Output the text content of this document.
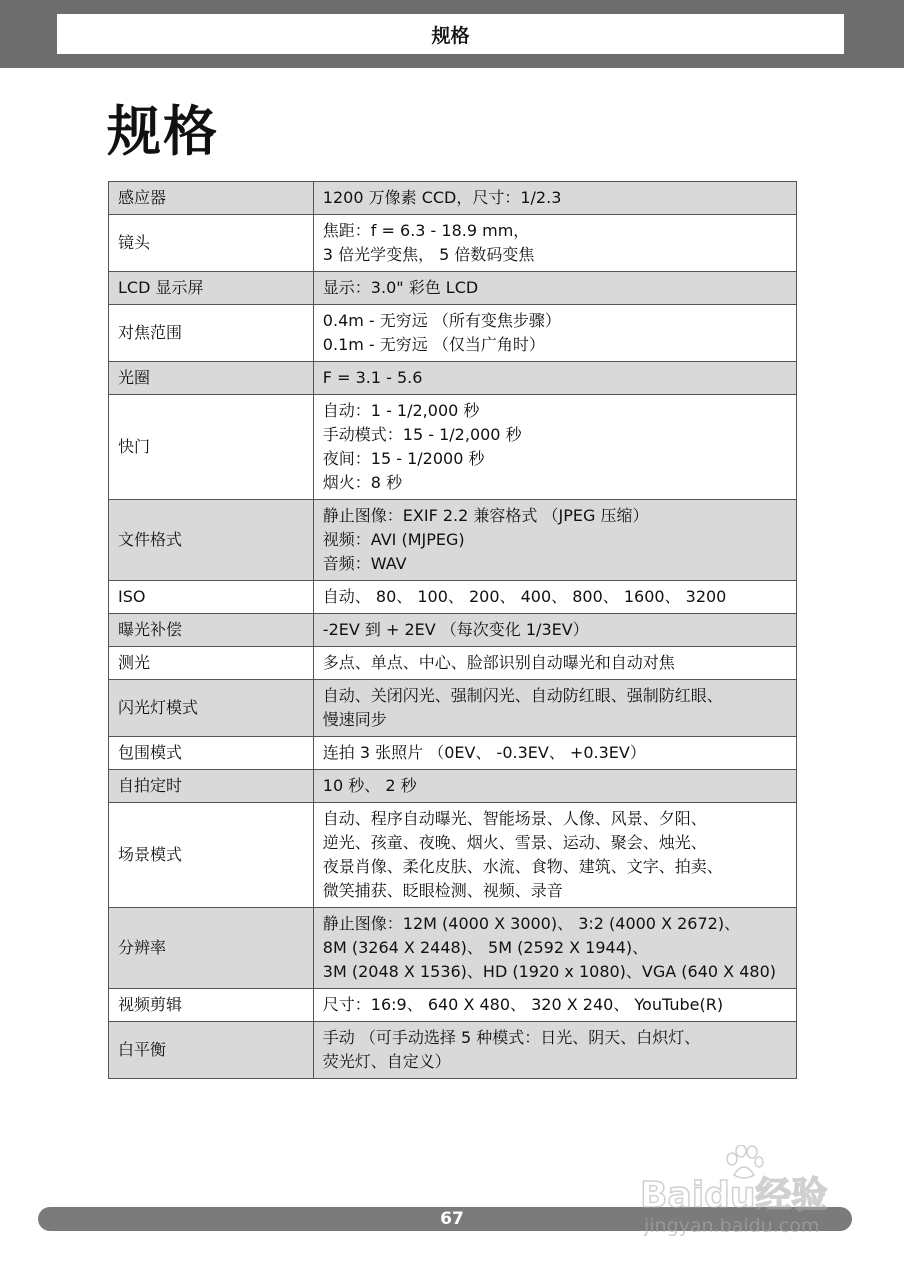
规格
规格
感应器	1200 万像素 CCD，尺寸：1/2.3

镜头	焦距：f = 6.3 - 18.9 mm，
3 倍光学变焦， 5 倍数码变焦

LCD 显示屏	显示：3.0" 彩色 LCD

对焦范围	0.4m - 无穷远 （所有变焦步骤）
0.1m - 无穷远 （仅当广角时）

光圈	F = 3.1 - 5.6

快门	自动：1 - 1/2,000 秒
手动模式：15 - 1/2,000 秒
夜间：15 - 1/2000 秒
烟火：8 秒

文件格式	静止图像：EXIF 2.2 兼容格式 （JPEG 压缩）
视频：AVI (MJPEG)
音频：WAV

ISO	自动、 80、 100、 200、 400、 800、 1600、 3200

曝光补偿	-2EV 到 + 2EV （每次变化 1/3EV）

测光	多点、单点、中心、脸部识别自动曝光和自动对焦

闪光灯模式	自动、关闭闪光、强制闪光、自动防红眼、强制防红眼、
慢速同步

包围模式	连拍 3 张照片 （0EV、 -0.3EV、 +0.3EV）

自拍定时	10 秒、 2 秒

场景模式	自动、程序自动曝光、智能场景、人像、风景、夕阳、
逆光、孩童、夜晚、烟火、雪景、运动、聚会、烛光、
夜景肖像、柔化皮肤、水流、食物、建筑、文字、拍卖、
微笑捕获、眨眼检测、视频、录音

分辨率	静止图像：12M (4000 X 3000)、 3:2 (4000 X 2672)、
8M (3264 X 2448)、 5M (2592 X 1944)、
3M (2048 X 1536)、HD (1920 x 1080)、VGA (640 X 480)

视频剪辑	尺寸：16:9、 640 X 480、 320 X 240、 YouTube(R)

白平衡	手动 （可手动选择 5 种模式：日光、阴天、白炽灯、
荧光灯、自定义）
67
Baidu经验
jingyan.baidu.com
